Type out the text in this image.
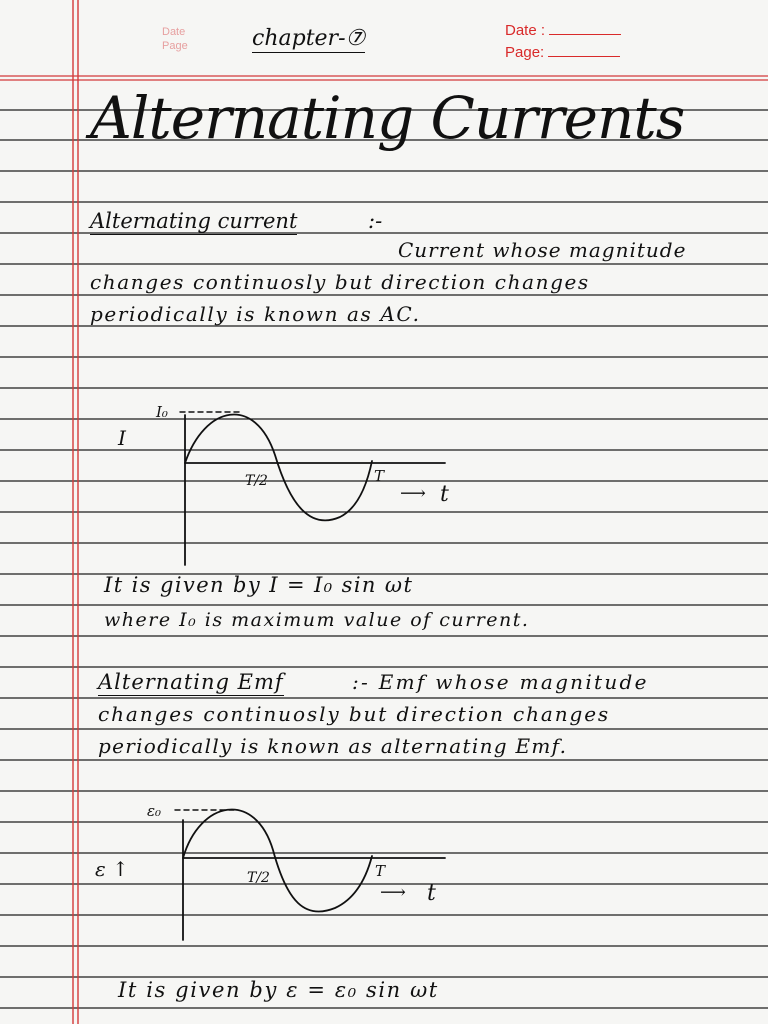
Date
Page	chapter-⑦	Date :
Page:
Alternating Currents
Alternating current	:-
Current whose magnitude
changes continuosly but direction changes
periodically is known as AC.
I₀
I
T/2	T
⟶ t
It is given by I = I₀ sin ωt
where I₀ is maximum value of current.
Alternating Emf	:- Emf whose magnitude
changes continuosly but direction changes
periodically is known as alternating Emf.
ε₀
ε ↑	T/2	T
⟶ t
It is given by ε = ε₀ sin ωt
